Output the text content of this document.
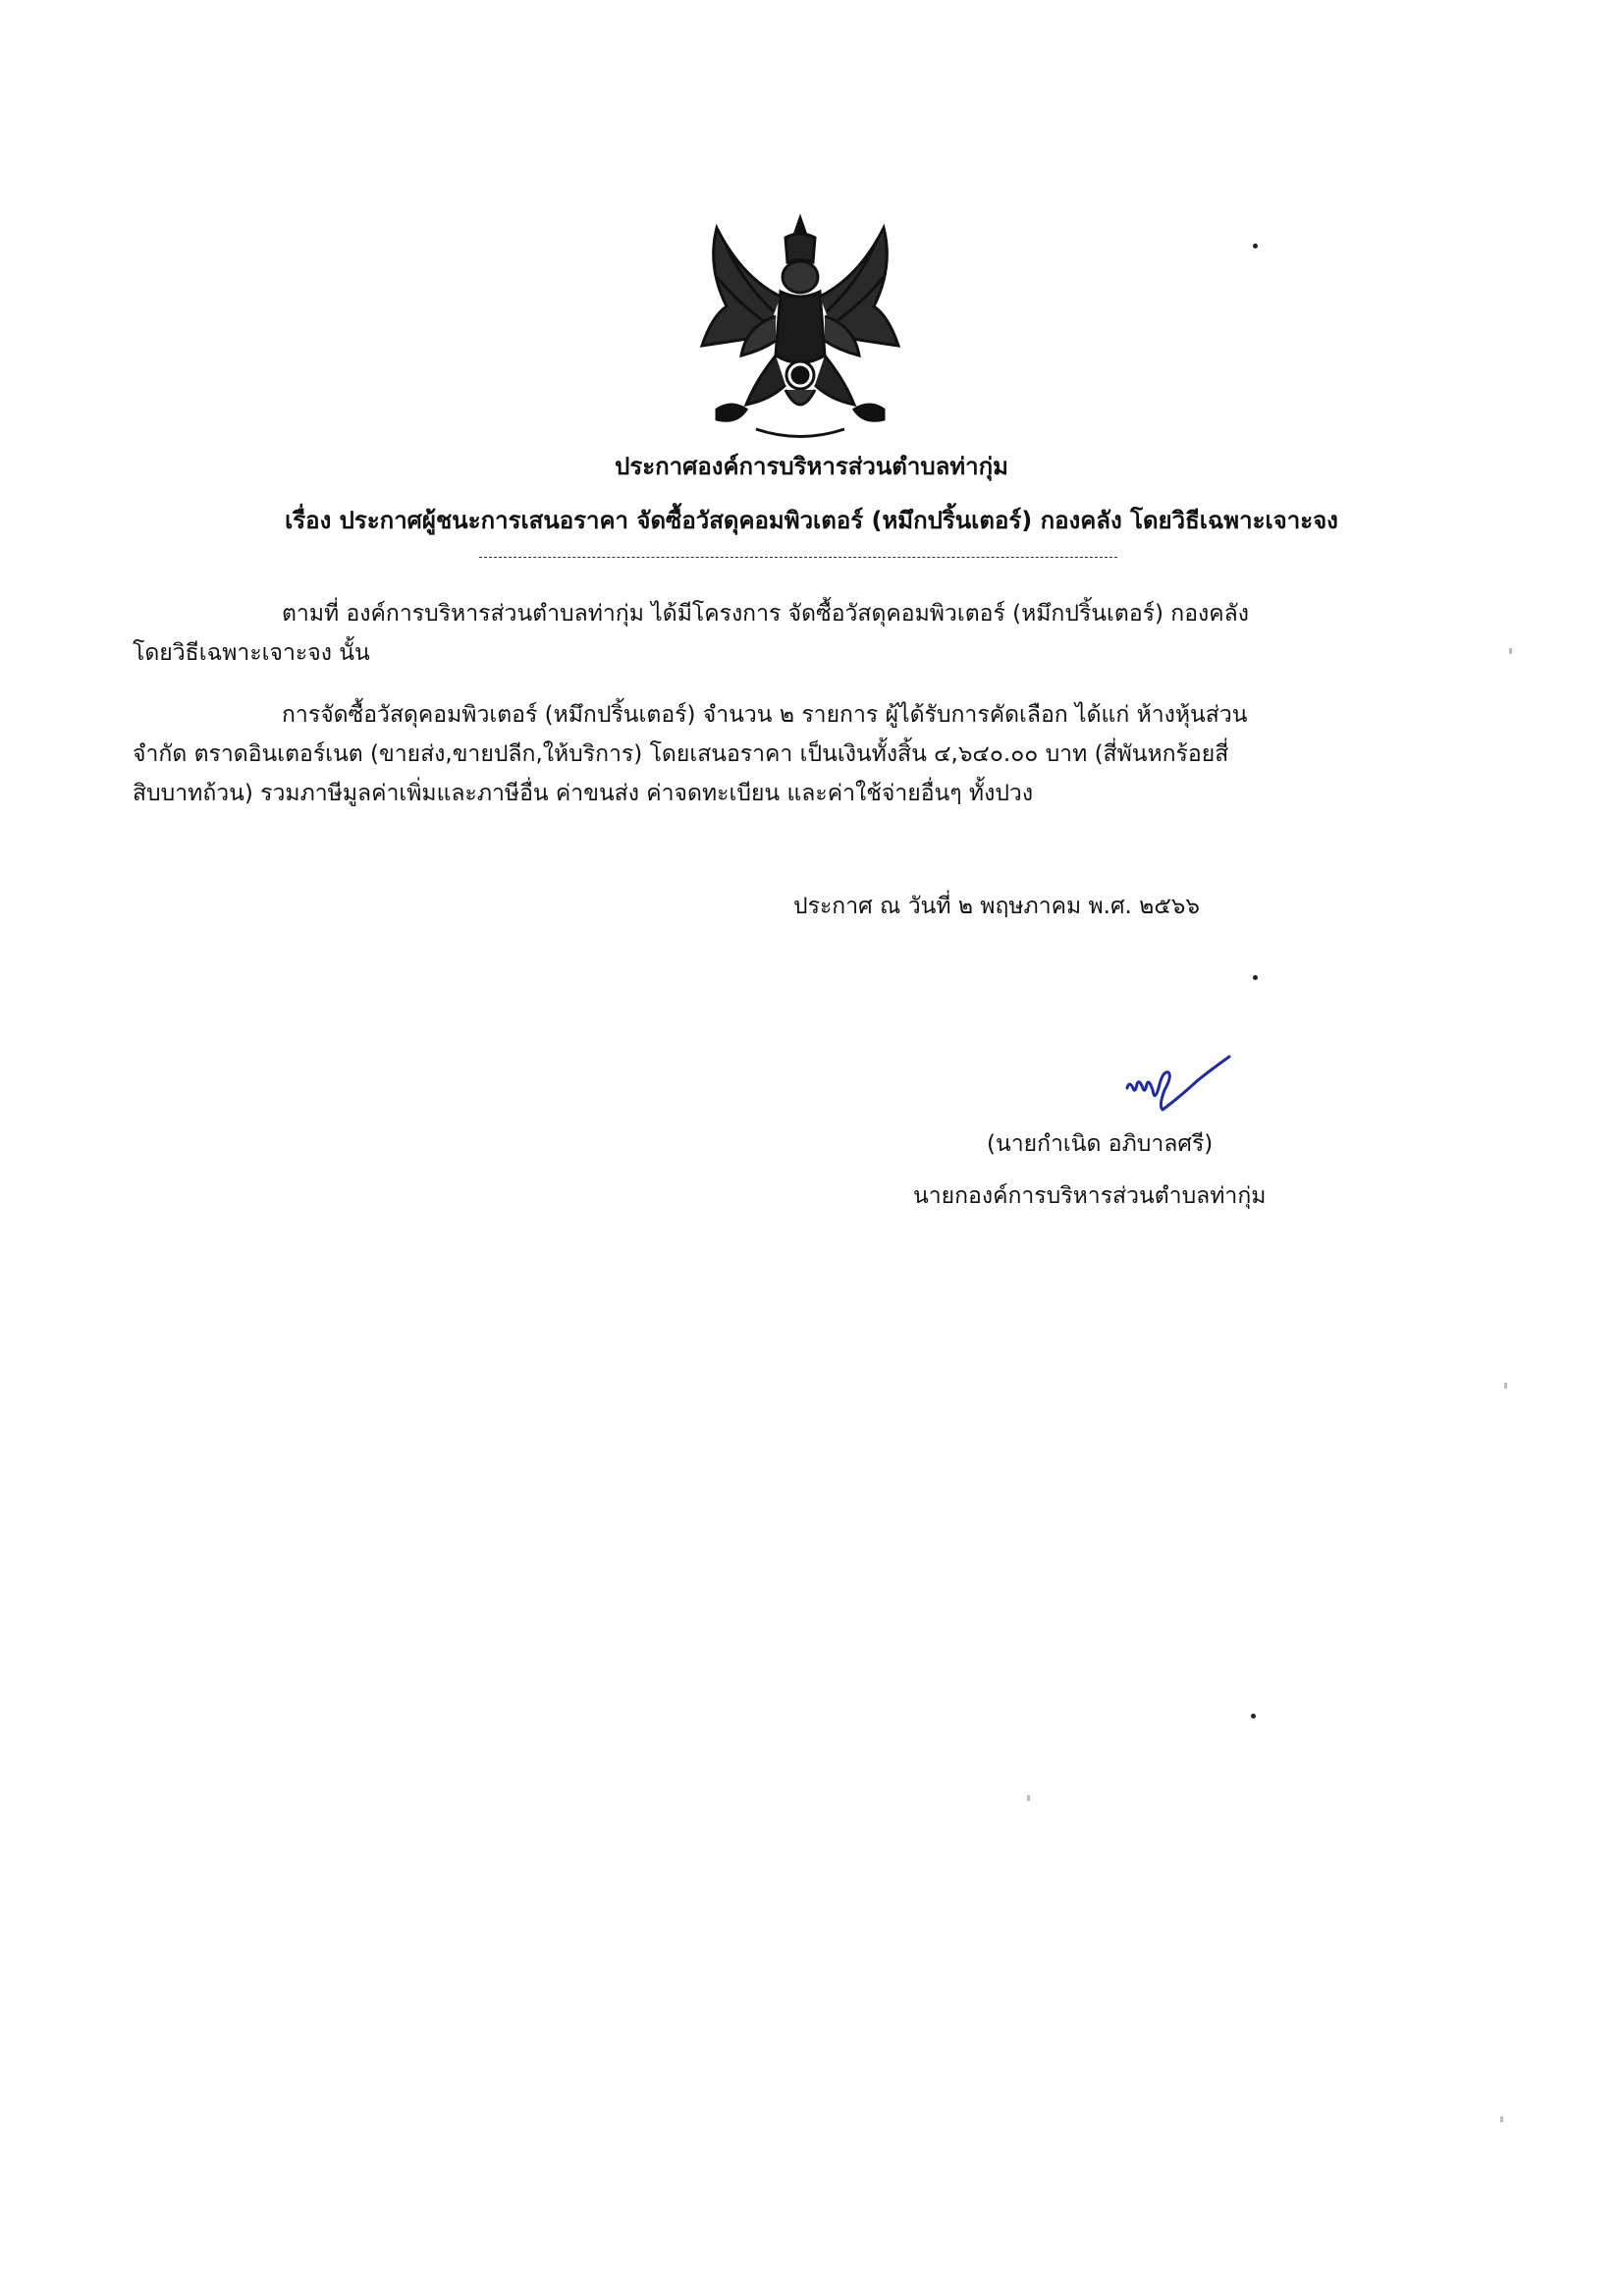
ประกาศองค์การบริหารส่วนตำบลท่ากุ่ม
เรื่อง ประกาศผู้ชนะการเสนอราคา จัดซื้อวัสดุคอมพิวเตอร์ (หมึกปริ้นเตอร์) กองคลัง โดยวิธีเฉพาะเจาะจง
ตามที่ องค์การบริหารส่วนตำบลท่ากุ่ม ได้มีโครงการ จัดซื้อวัสดุคอมพิวเตอร์ (หมึกปริ้นเตอร์) กองคลัง
โดยวิธีเฉพาะเจาะจง นั้น
การจัดซื้อวัสดุคอมพิวเตอร์ (หมึกปริ้นเตอร์) จำนวน ๒ รายการ ผู้ได้รับการคัดเลือก ได้แก่ ห้างหุ้นส่วน
จำกัด ตราดอินเตอร์เนต (ขายส่ง,ขายปลีก,ให้บริการ) โดยเสนอราคา เป็นเงินทั้งสิ้น ๔,๖๔๐.๐๐ บาท (สี่พันหกร้อยสี่
สิบบาทถ้วน) รวมภาษีมูลค่าเพิ่มและภาษีอื่น ค่าขนส่ง ค่าจดทะเบียน และค่าใช้จ่ายอื่นๆ ทั้งปวง
ประกาศ ณ วันที่ ๒ พฤษภาคม พ.ศ. ๒๕๖๖
(นายกำเนิด อภิบาลศรี)
นายกองค์การบริหารส่วนตำบลท่ากุ่ม
